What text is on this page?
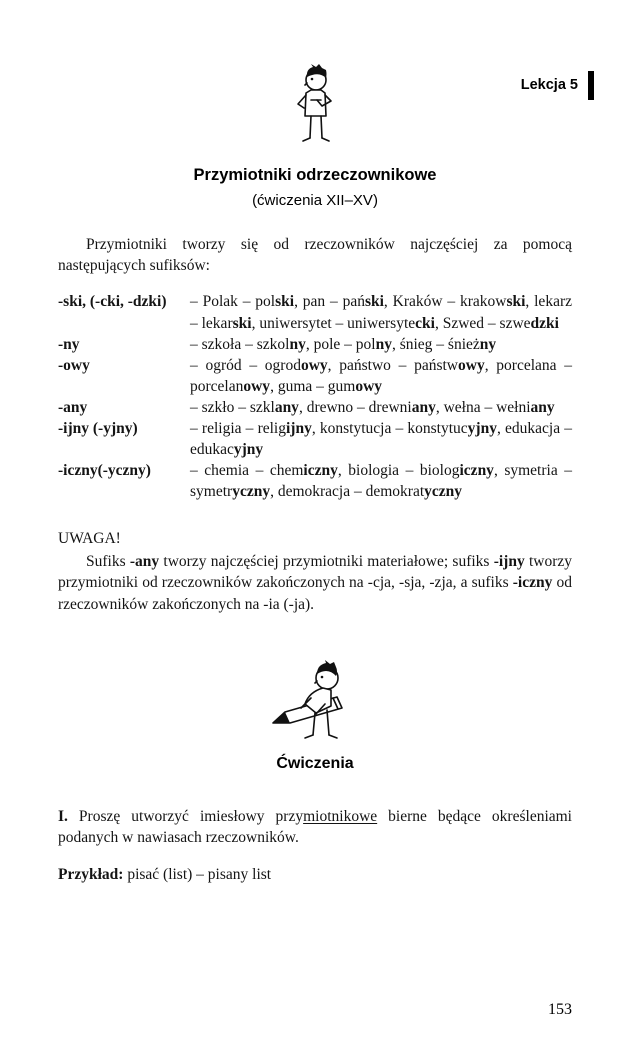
Lekcja 5
Przymiotniki odrzeczownikowe
(ćwiczenia XII–XV)

Przymiotniki tworzy się od rzeczowników najczęściej za pomocą następujących sufiksów:

-ski, (-cki, -dzki)	– Polak – polski, pan – pański, Kraków – krakowski, lekarz – lekarski, uniwersytet – uniwersytecki, Szwed – szwedzki
-ny	– szkoła – szkolny, pole – polny, śnieg – śnieżny
-owy	– ogród – ogrodowy, państwo – państwowy, porcelana – porcelanowy, guma – gumowy
-any	– szkło – szklany, drewno – drewniany, wełna – wełniany
-ijny (-yjny)	– religia – religijny, konstytucja – konstytucyjny, edukacja – edukacyjny
-iczny(-yczny)	– chemia – chemiczny, biologia – biologiczny, symetria – symetryczny, demokracja – demokratyczny
UWAGA!

Sufiks -any tworzy najczęściej przymiotniki materiałowe; sufiks -ijny tworzy przymiotniki od rzeczowników zakończonych na -cja, -sja, -zja, a sufiks -iczny od rzeczowników zakończonych na -ia (-ja).

Ćwiczenia

I. Proszę utworzyć imiesłowy przymiotnikowe bierne będące określeniami podanych w nawiasach rzeczowników.

Przykład: pisać (list) – pisany list

153
